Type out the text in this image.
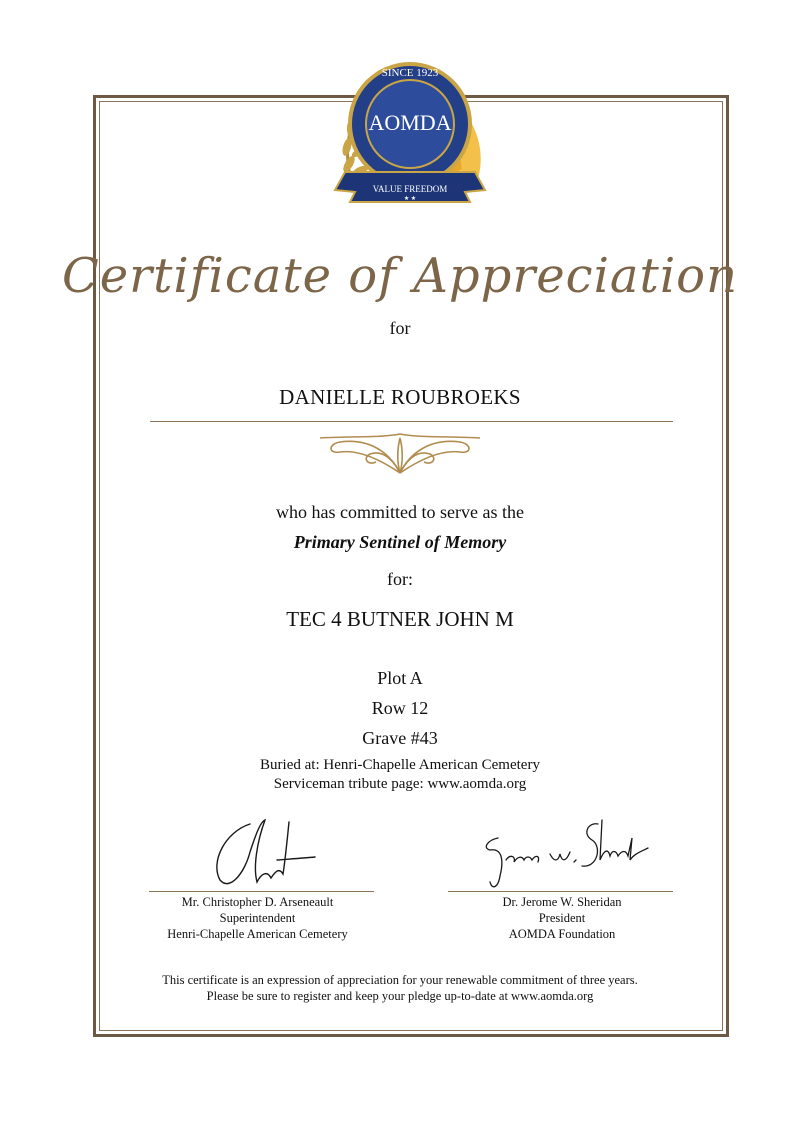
SINCE 1923
AOMDA
VALUE FREEDOM
★ ★
Certificate of Appreciation
for
DANIELLE ROUBROEKS
who has committed to serve as the
Primary Sentinel of Memory
for:
TEC 4 BUTNER JOHN M
Plot A
Row 12
Grave #43
Buried at: Henri-Chapelle American Cemetery
Serviceman tribute page: www.aomda.org
Mr. Christopher D. Arseneault
Superintendent
Henri-Chapelle American Cemetery
Dr. Jerome W. Sheridan
President
AOMDA Foundation
This certificate is an expression of appreciation for your renewable commitment of three years.
Please be sure to register and keep your pledge up-to-date at www.aomda.org
